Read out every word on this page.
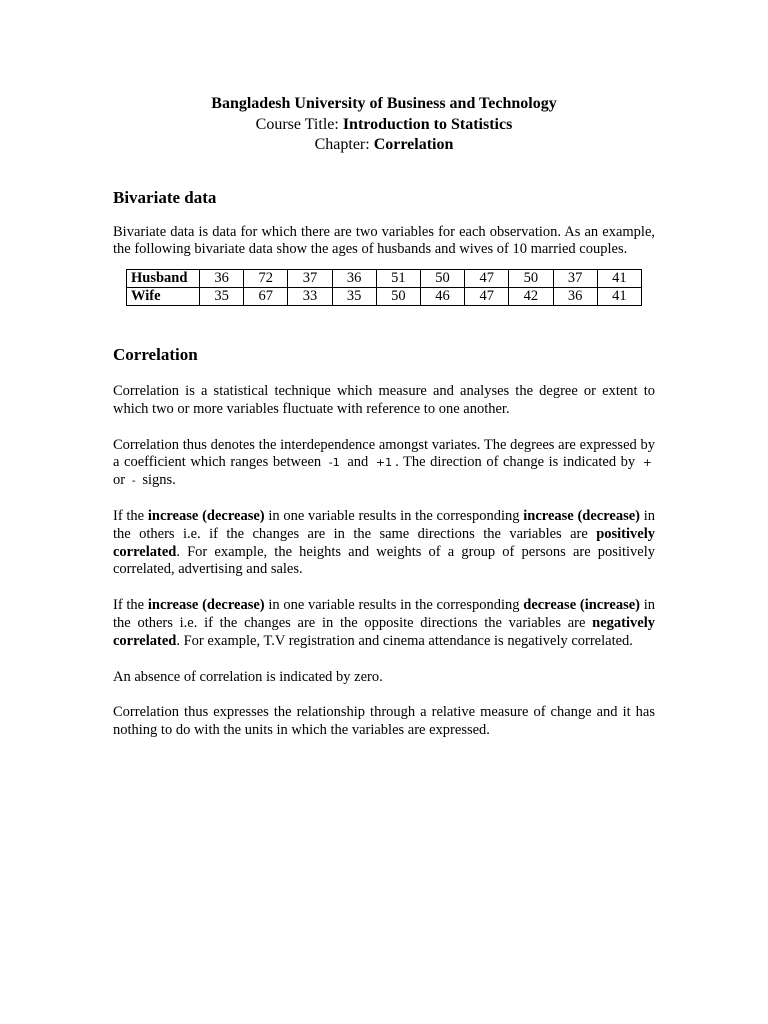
Bangladesh University of Business and Technology
Course Title: Introduction to Statistics
Chapter: Correlation
Bivariate data

Bivariate data is data for which there are two variables for each observation. As an example, the following bivariate data show the ages of husbands and wives of 10 married couples.

Husband	36	72	37	36	51	50	47	50	37	41
Wife	35	67	33	35	50	46	47	42	36	41
Correlation

Correlation is a statistical technique which measure and analyses the degree or extent to which two or more variables fluctuate with reference to one another.

Correlation thus denotes the interdependence amongst variates. The degrees are expressed by a coefficient which ranges between -1 and +1 . The direction of change is indicated by + or - signs.

If the increase (decrease) in one variable results in the corresponding increase (decrease) in the others i.e. if the changes are in the same directions the variables are positively correlated. For example, the heights and weights of a group of persons are positively correlated, advertising and sales.

If the increase (decrease) in one variable results in the corresponding decrease (increase) in the others i.e. if the changes are in the opposite directions the variables are negatively correlated. For example, T.V registration and cinema attendance is negatively correlated.

An absence of correlation is indicated by zero.

Correlation thus expresses the relationship through a relative measure of change and it has nothing to do with the units in which the variables are expressed.
